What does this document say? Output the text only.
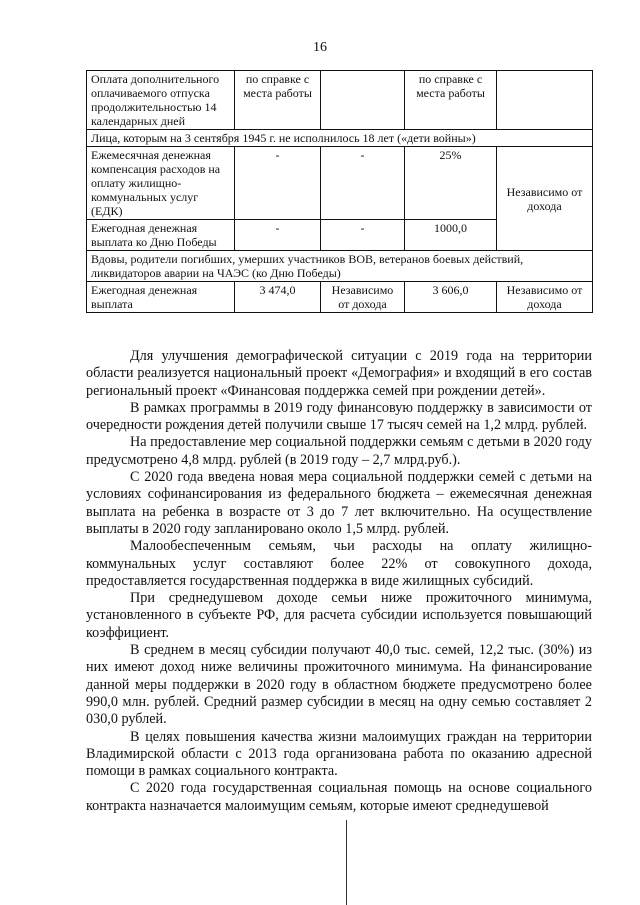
16
Оплата дополнительного оплачиваемого отпуска продолжительностью 14 календарных дней	по справке с места работы		по справке с места работы	
Лица, которым на 3 сентября 1945 г. не исполнилось 18 лет («дети войны»)				
Ежемесячная денежная компенсация расходов на оплату жилищно-коммунальных услуг (ЕДК)	-	-	25%	Независимо от дохода
Ежегодная денежная выплата ко Дню Победы	-	-	1000,0	
Вдовы, родители погибших, умерших участников ВОВ, ветеранов боевых действий, ликвидаторов аварии на ЧАЭС (ко Дню Победы)				
Ежегодная денежная выплата	3 474,0	Независимо от дохода	3 606,0	Независимо от дохода

Для улучшения демографической ситуации с 2019 года на территории области реализуется национальный проект «Демография» и входящий в его состав региональный проект «Финансовая поддержка семей при рождении детей».

В рамках программы в 2019 году финансовую поддержку в зависимости от очередности рождения детей получили свыше 17 тысяч семей на 1,2 млрд. рублей.

На предоставление мер социальной поддержки семьям с детьми в 2020 году предусмотрено 4,8 млрд. рублей (в 2019 году – 2,7 млрд.руб.).

С 2020 года введена новая мера социальной поддержки семей с детьми на условиях софинансирования из федерального бюджета – ежемесячная денежная выплата на ребенка в возрасте от 3 до 7 лет включительно. На осуществление выплаты в 2020 году запланировано около 1,5 млрд. рублей.

Малообеспеченным семьям, чьи расходы на оплату жилищно-коммунальных услуг составляют более 22% от совокупного дохода, предоставляется государственная поддержка в виде жилищных субсидий.

При среднедушевом доходе семьи ниже прожиточного минимума, установленного в субъекте РФ, для расчета субсидии используется повышающий коэффициент.

В среднем в месяц субсидии получают 40,0 тыс. семей, 12,2 тыс. (30%) из них имеют доход ниже величины прожиточного минимума. На финансирование данной меры поддержки в 2020 году в областном бюджете предусмотрено более 990,0 млн. рублей. Средний размер субсидии в месяц на одну семью составляет 2 030,0 рублей.

В целях повышения качества жизни малоимущих граждан на территории Владимирской области с 2013 года организована работа по оказанию адресной помощи в рамках социального контракта.

С 2020 года государственная социальная помощь на основе социального контракта назначается малоимущим семьям, которые имеют среднедушевой
